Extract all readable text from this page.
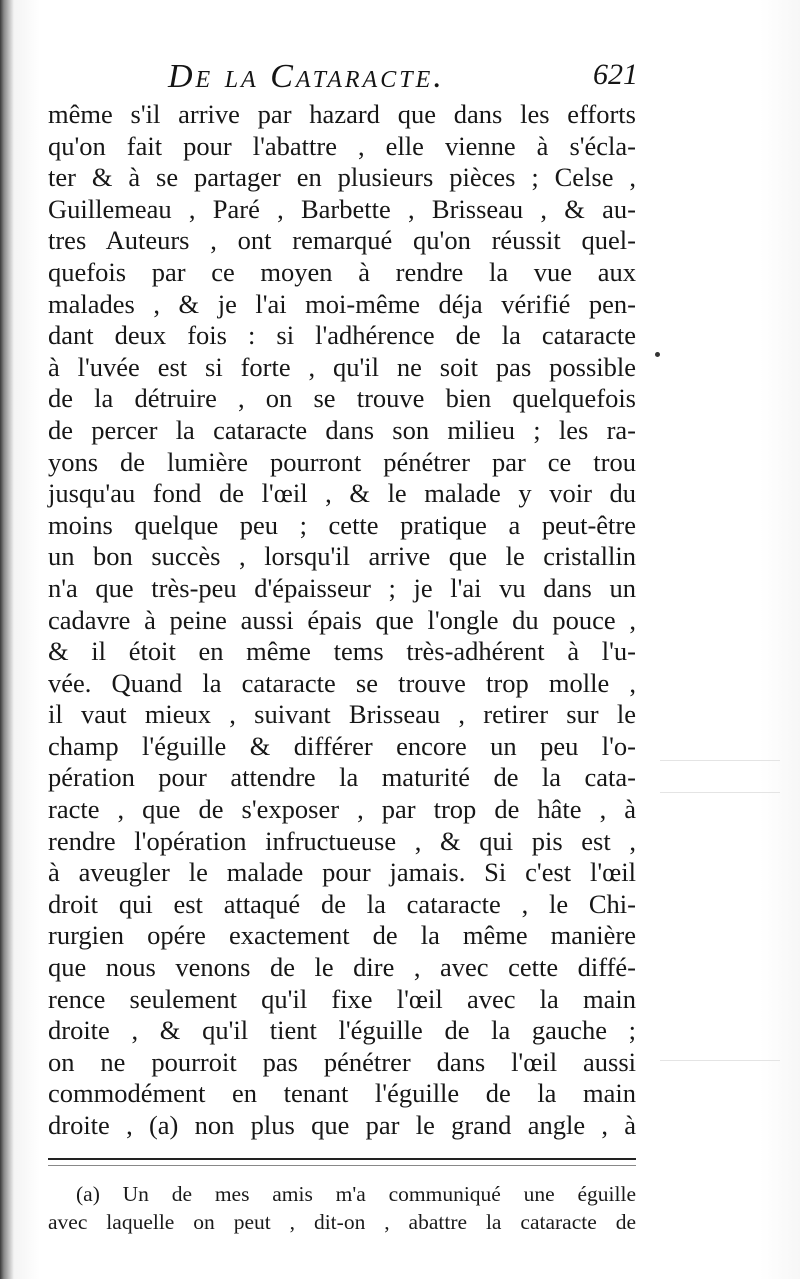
De la Cataracte.	621
même s'il arrive par hazard que dans les efforts
qu'on fait pour l'abattre , elle vienne à s'écla-
ter & à se partager en plusieurs pièces ; Celse ,
Guillemeau , Paré , Barbette , Brisseau , & au-
tres Auteurs , ont remarqué qu'on réussit quel-
quefois par ce moyen à rendre la vue aux
malades , & je l'ai moi-même déja vérifié pen-
dant deux fois : si l'adhérence de la cataracte
à l'uvée est si forte , qu'il ne soit pas possible
de la détruire , on se trouve bien quelquefois
de percer la cataracte dans son milieu ; les ra-
yons de lumière pourront pénétrer par ce trou
jusqu'au fond de l'œil , & le malade y voir du
moins quelque peu ; cette pratique a peut-être
un bon succès , lorsqu'il arrive que le cristallin
n'a que très-peu d'épaisseur ; je l'ai vu dans un
cadavre à peine aussi épais que l'ongle du pouce ,
& il étoit en même tems très-adhérent à l'u-
vée. Quand la cataracte se trouve trop molle ,
il vaut mieux , suivant Brisseau , retirer sur le
champ l'éguille & différer encore un peu l'o-
pération pour attendre la maturité de la cata-
racte , que de s'exposer , par trop de hâte , à
rendre l'opération infructueuse , & qui pis est ,
à aveugler le malade pour jamais. Si c'est l'œil
droit qui est attaqué de la cataracte , le Chi-
rurgien opére exactement de la même manière
que nous venons de le dire , avec cette diffé-
rence seulement qu'il fixe l'œil avec la main
droite , & qu'il tient l'éguille de la gauche ;
on ne pourroit pas pénétrer dans l'œil aussi
commodément en tenant l'éguille de la main
droite , (a) non plus que par le grand angle , à
(a) Un de mes amis m'a communiqué une éguille
avec laquelle on peut , dit-on , abattre la cataracte de
